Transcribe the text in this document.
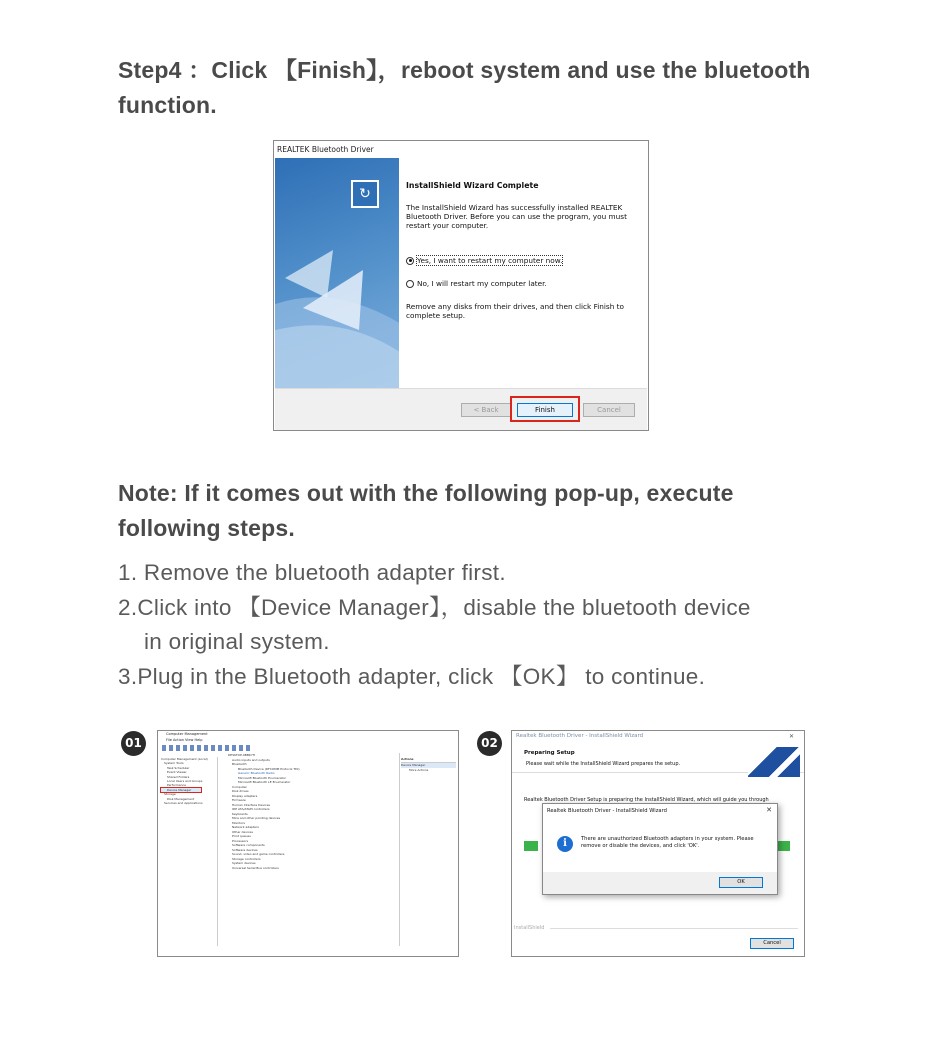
Step4 ：Click 【Finish】，reboot system and use the bluetooth function.
REALTEK Bluetooth Driver
↻
InstallShield Wizard Complete
The InstallShield Wizard has successfully installed REALTEK Bluetooth Driver. Before you can use the program, you must restart your computer.
Yes, I want to restart my computer now.
No, I will restart my computer later.
Remove any disks from their drives, and then click Finish to complete setup.
< Back	Finish	Cancel
Note: If it comes out with the following pop-up, execute following steps.
1. Remove the bluetooth adapter first.
2.Click into 【Device Manager】，disable the bluetooth device
in original system.
3.Plug in the Bluetooth adapter, click 【OK】 to continue.
01
Computer Management
File Action View Help
Computer Management (Local)
System Tools
Task Scheduler
Event Viewer
Shared Folders
Local Users and Groups
Performance
Device Manager
Storage
Disk Management
Services and Applications
DESKTOP-0BBK7H
Audio inputs and outputs
Bluetooth
Bluetooth Device (RFCOMM Protocol TDI)
Generic Bluetooth Radio
Microsoft Bluetooth Enumerator
Microsoft Bluetooth LE Enumerator
Computer
Disk drives
Display adapters
Firmware
Human Interface Devices
IDE ATA/ATAPI controllers
Keyboards
Mice and other pointing devices
Monitors
Network adapters
Other devices
Print queues
Processors
Software components
Software devices
Sound, video and game controllers
Storage controllers
System devices
Universal Serial Bus controllers
Actions
Device Manager
More Actions
02	Realtek Bluetooth Driver - InstallShield Wizard	✕
Preparing Setup
Please wait while the InstallShield Wizard prepares the setup.
Realtek Bluetooth Driver Setup is preparing the InstallShield Wizard, which will guide you through
Realtek Bluetooth Driver - InstallShield Wizard	✕
i	There are unauthorized Bluetooth adapters in your system. Please remove or disable the devices, and click 'OK'.
OK
InstallShield
Cancel
